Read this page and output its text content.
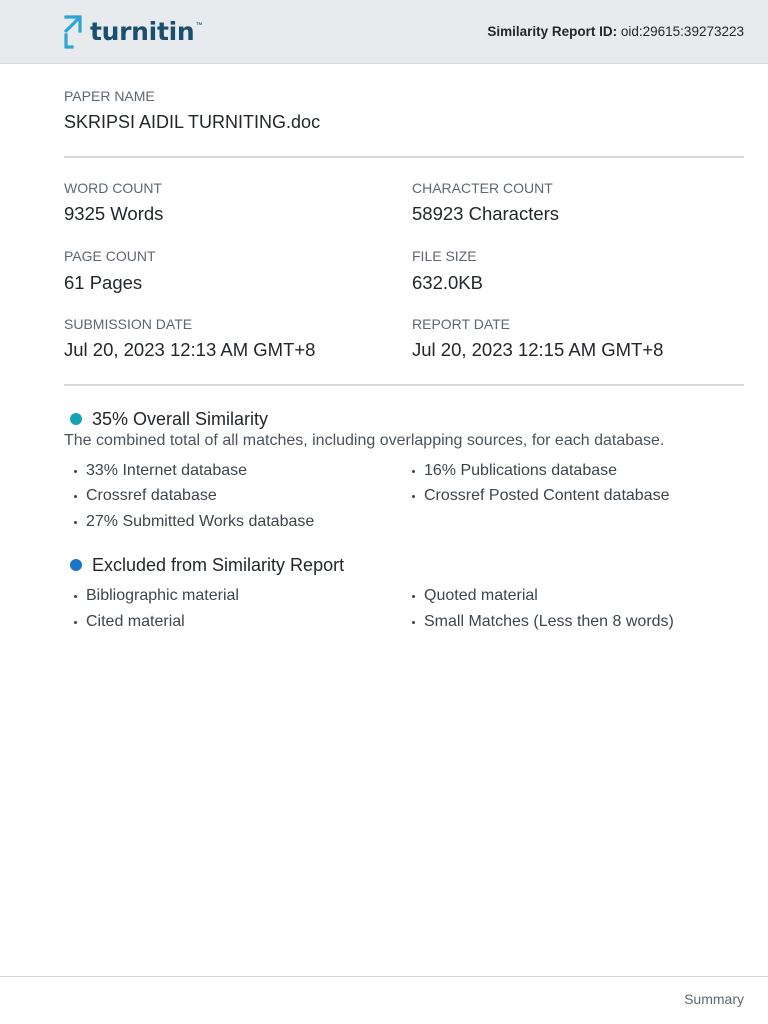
turnitin ™	Similarity Report ID: oid:29615:39273223
PAPER NAME
SKRIPSI AIDIL TURNITING.doc
WORD COUNT
9325 Words
CHARACTER COUNT
58923 Characters
PAGE COUNT
61 Pages
FILE SIZE
632.0KB
SUBMISSION DATE
Jul 20, 2023 12:13 AM GMT+8
REPORT DATE
Jul 20, 2023 12:15 AM GMT+8
35% Overall Similarity
The combined total of all matches, including overlapping sources, for each database.
33% Internet database
Crossref database
27% Submitted Works database
16% Publications database
Crossref Posted Content database
Excluded from Similarity Report
Bibliographic material
Cited material
Quoted material
Small Matches (Less then 8 words)
Summary
